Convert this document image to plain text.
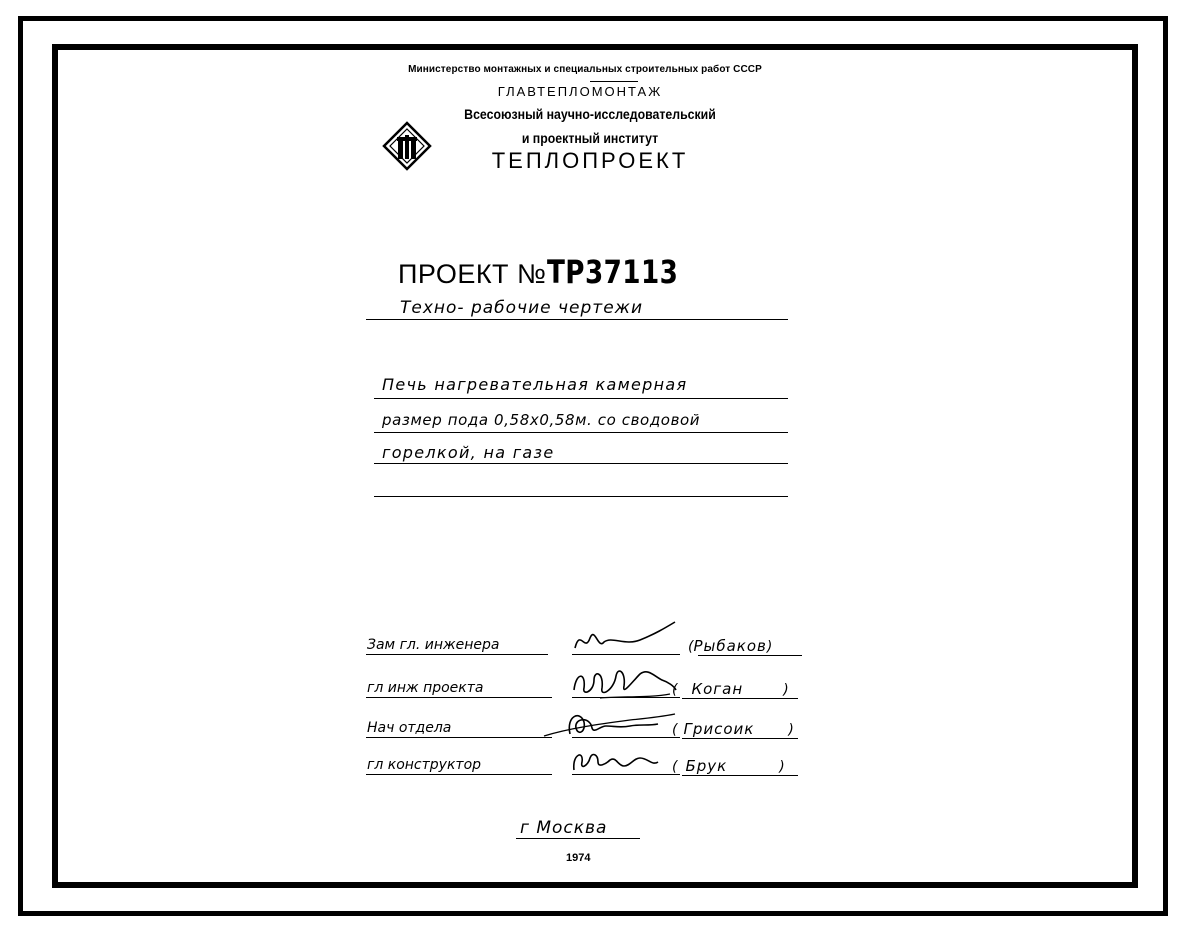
Министерство монтажных и специальных строительных работ СССР
ГЛАВТЕПЛОМОНТАЖ
Всесоюзный научно-исследовательский
и проектный институт
ТЕПЛОПРОЕКТ
ПРОЕКТ №ТР37113
Техно- рабочие чертежи
Печь нагревательная камерная
размер пода 0,58х0,58м. со сводовой
горелкой, на газе
Зам гл. инженера	(Рыбаков)
гл инж проекта	( Коган	)
Нач отдела	( Грисоик )
гл конструктор	( Брук	)
г Москва
1974
